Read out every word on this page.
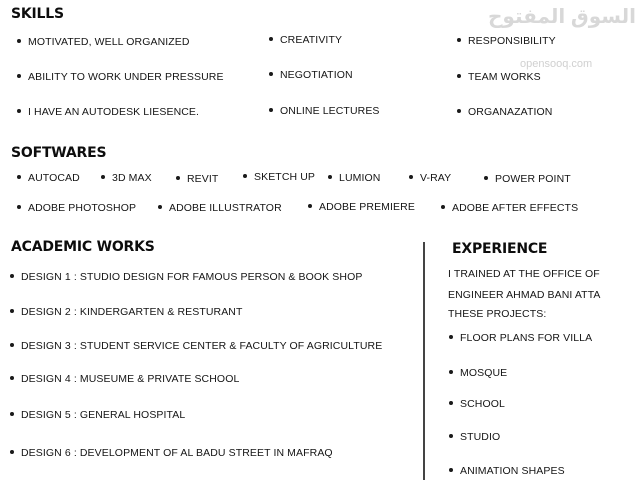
SKILLS
MOTIVATED, WELL ORGANIZED
ABILITY TO WORK UNDER PRESSURE
I HAVE AN AUTODESK LIESENCE.
CREATIVITY
NEGOTIATION
ONLINE LECTURES
RESPONSIBILITY
TEAM WORKS
ORGANAZATION
السوق المفتوح
opensooq.com
SOFTWARES
AUTOCAD	3D MAX	REVIT	SKETCH UP	LUMION	V-RAY	POWER POINT
ADOBE PHOTOSHOP	ADOBE ILLUSTRATOR	ADOBE PREMIERE	ADOBE AFTER EFFECTS
ACADEMIC WORKS
DESIGN 1 : STUDIO DESIGN FOR FAMOUS PERSON & BOOK SHOP
DESIGN 2 : KINDERGARTEN & RESTURANT
DESIGN 3 : STUDENT SERVICE CENTER & FACULTY OF AGRICULTURE
DESIGN 4 : MUSEUME & PRIVATE SCHOOL
DESIGN 5 : GENERAL HOSPITAL
DESIGN 6 : DEVELOPMENT OF AL BADU STREET IN MAFRAQ
EXPERIENCE
I TRAINED AT THE OFFICE OF
ENGINEER AHMAD BANI ATTA
THESE PROJECTS:
FLOOR PLANS FOR VILLA
MOSQUE
SCHOOL
STUDIO
ANIMATION SHAPES
